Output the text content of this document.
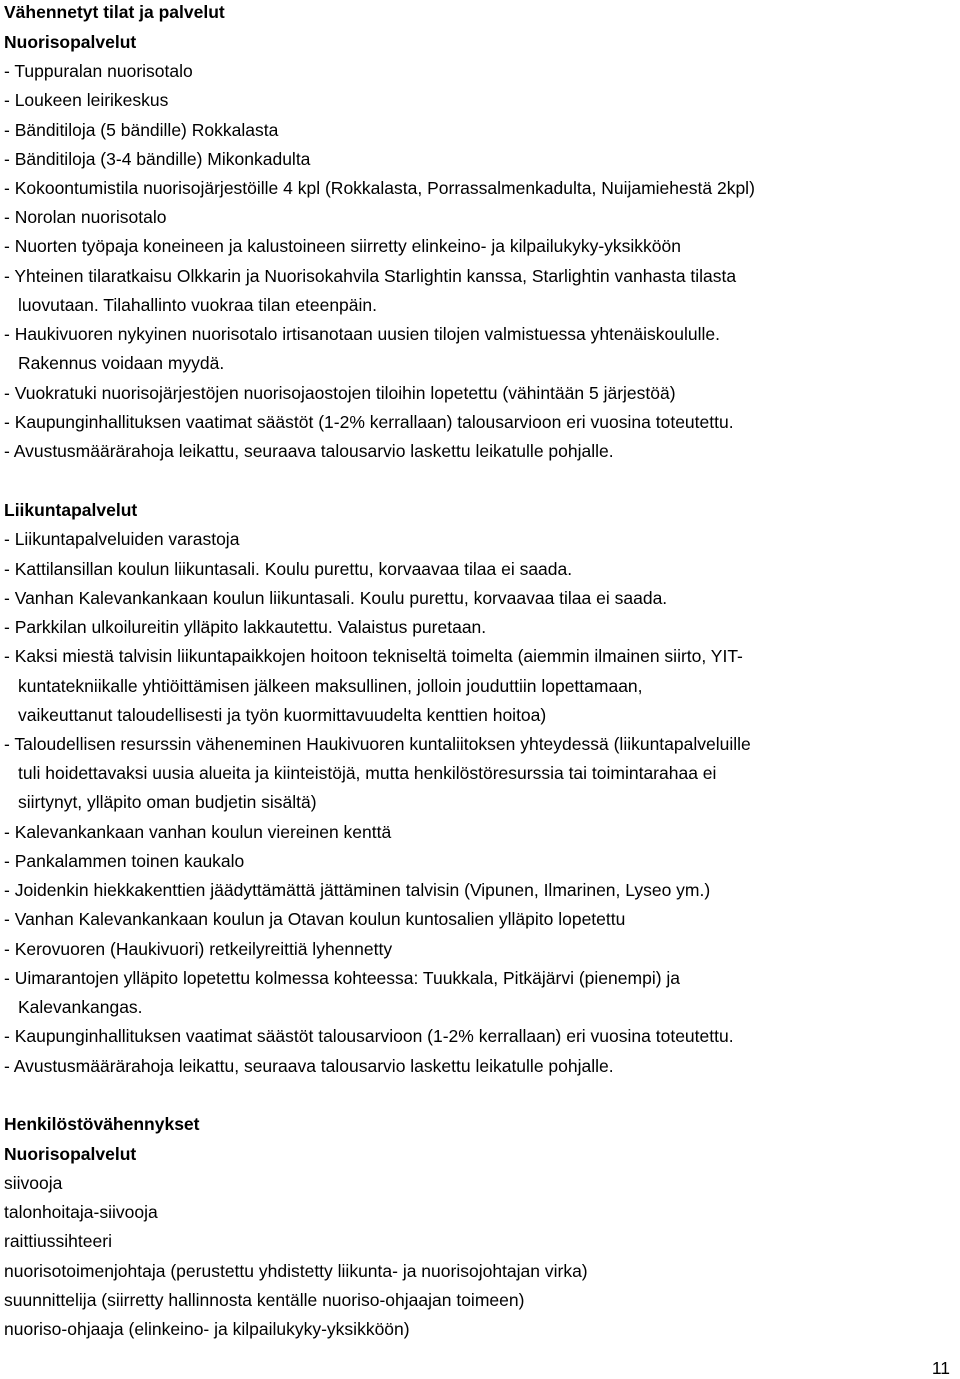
Vähennetyt tilat ja palvelut
Nuorisopalvelut
- Tuppuralan nuorisotalo
- Loukeen leirikeskus
- Bänditiloja (5 bändille) Rokkalasta
- Bänditiloja (3-4 bändille) Mikonkadulta
- Kokoontumistila nuorisojärjestöille 4 kpl (Rokkalasta, Porrassalmenkadulta, Nuijamiehestä 2kpl)
- Norolan nuorisotalo
- Nuorten työpaja koneineen ja kalustoineen siirretty elinkeino- ja kilpailukyky-yksikköön
- Yhteinen tilaratkaisu Olkkarin ja Nuorisokahvila Starlightin kanssa, Starlightin vanhasta tilasta
luovutaan. Tilahallinto vuokraa tilan eteenpäin.
- Haukivuoren nykyinen nuorisotalo irtisanotaan uusien tilojen valmistuessa yhtenäiskoululle.
Rakennus voidaan myydä.
- Vuokratuki nuorisojärjestöjen nuorisojaostojen tiloihin lopetettu (vähintään 5 järjestöä)
- Kaupunginhallituksen vaatimat säästöt (1-2% kerrallaan) talousarvioon eri vuosina toteutettu.
- Avustusmäärärahoja leikattu, seuraava talousarvio laskettu leikatulle pohjalle.
Liikuntapalvelut
- Liikuntapalveluiden varastoja
- Kattilansillan koulun liikuntasali. Koulu purettu, korvaavaa tilaa ei saada.
- Vanhan Kalevankankaan koulun liikuntasali. Koulu purettu, korvaavaa tilaa ei saada.
- Parkkilan ulkoilureitin ylläpito lakkautettu. Valaistus puretaan.
- Kaksi miestä talvisin liikuntapaikkojen hoitoon tekniseltä toimelta (aiemmin ilmainen siirto, YIT-
kuntatekniikalle yhtiöittämisen jälkeen maksullinen, jolloin jouduttiin lopettamaan,
vaikeuttanut taloudellisesti ja työn kuormittavuudelta kenttien hoitoa)
- Taloudellisen resurssin väheneminen Haukivuoren kuntaliitoksen yhteydessä (liikuntapalveluille
tuli hoidettavaksi uusia alueita ja kiinteistöjä, mutta henkilöstöresurssia tai toimintarahaa ei
siirtynyt, ylläpito oman budjetin sisältä)
- Kalevankankaan vanhan koulun viereinen kenttä
- Pankalammen toinen kaukalo
- Joidenkin hiekkakenttien jäädyttämättä jättäminen talvisin (Vipunen, Ilmarinen, Lyseo ym.)
- Vanhan Kalevankankaan koulun ja Otavan koulun kuntosalien ylläpito lopetettu
- Kerovuoren (Haukivuori) retkeilyreittiä lyhennetty
- Uimarantojen ylläpito lopetettu kolmessa kohteessa: Tuukkala, Pitkäjärvi (pienempi) ja
Kalevankangas.
- Kaupunginhallituksen vaatimat säästöt talousarvioon (1-2% kerrallaan) eri vuosina toteutettu.
- Avustusmäärärahoja leikattu, seuraava talousarvio laskettu leikatulle pohjalle.
Henkilöstövähennykset
Nuorisopalvelut
siivooja
talonhoitaja-siivooja
raittiussihteeri
nuorisotoimenjohtaja (perustettu yhdistetty liikunta- ja nuorisojohtajan virka)
suunnittelija (siirretty hallinnosta kentälle nuoriso-ohjaajan toimeen)
nuoriso-ohjaaja (elinkeino- ja kilpailukyky-yksikköön)
11
